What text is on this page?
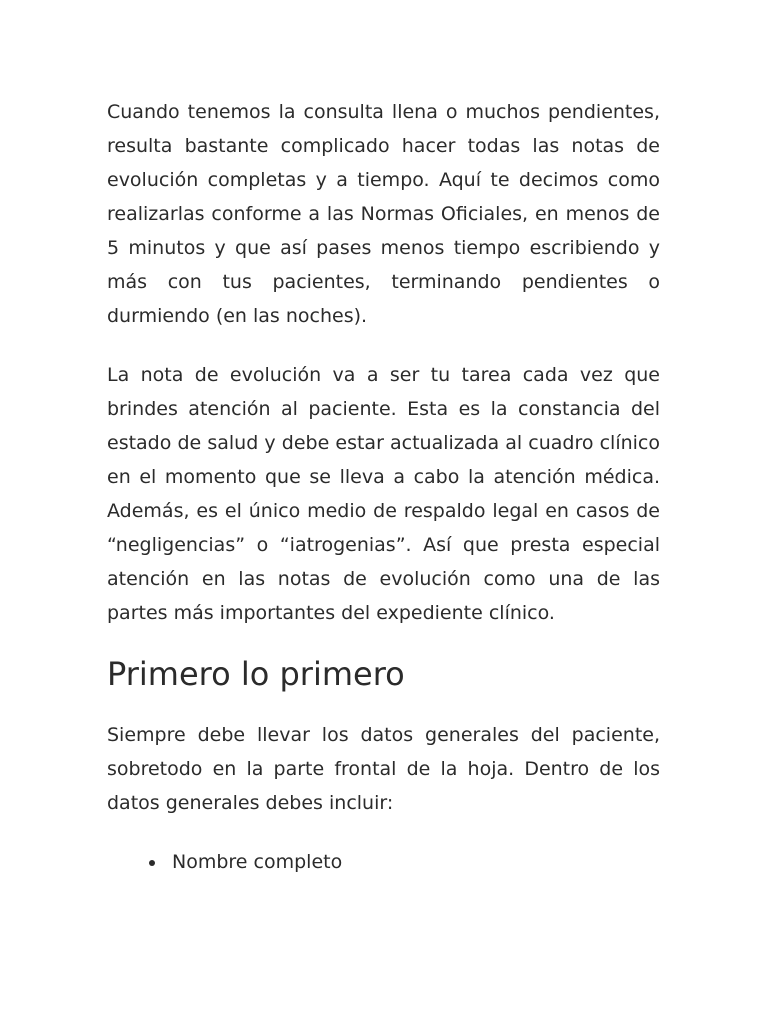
Cuando tenemos la consulta llena o muchos pendientes, resulta bastante complicado hacer todas las notas de evolución completas y a tiempo. Aquí te decimos como realizarlas conforme a las Normas Oficiales, en menos de 5 minutos y que así pases menos tiempo escribiendo y más con tus pacientes, terminando pendientes o durmiendo (en las noches).

La nota de evolución va a ser tu tarea cada vez que brindes atención al paciente. Esta es la constancia del estado de salud y debe estar actualizada al cuadro clínico en el momento que se lleva a cabo la atención médica. Además, es el único medio de respaldo legal en casos de “negligencias” o “iatrogenias”. Así que presta especial atención en las notas de evolución como una de las partes más importantes del expediente clínico.

Primero lo primero

Siempre debe llevar los datos generales del paciente, sobretodo en la parte frontal de la hoja. Dentro de los datos generales debes incluir:

Nombre completo
